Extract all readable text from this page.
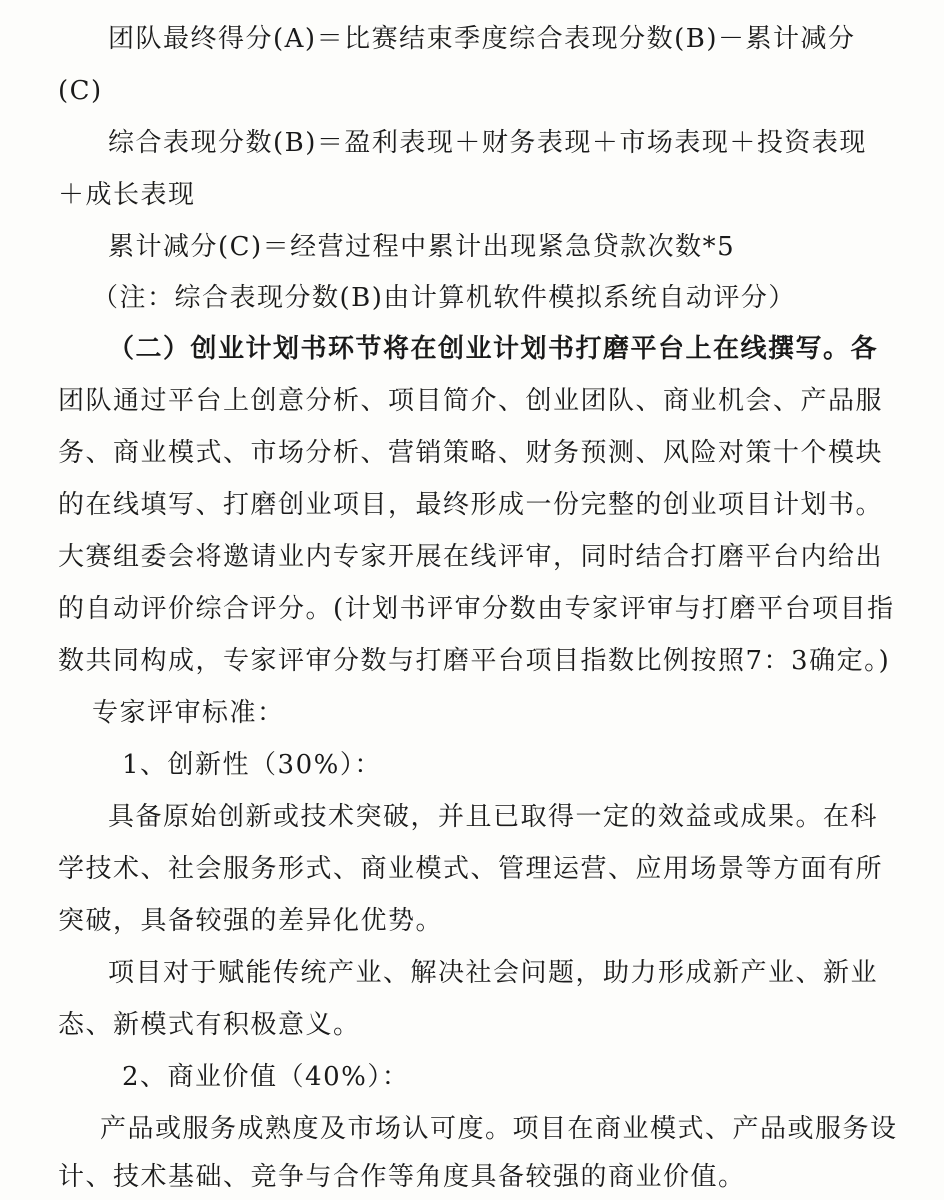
团队最终得分(A)＝比赛结束季度综合表现分数(B)－累计减分
(C)
综合表现分数(B)＝盈利表现＋财务表现＋市场表现＋投资表现
＋成长表现
累计减分(C)＝经营过程中累计出现紧急贷款次数*5
（注：综合表现分数(B)由计算机软件模拟系统自动评分）
（二）创业计划书环节将在创业计划书打磨平台上在线撰写。各
团队通过平台上创意分析、项目简介、创业团队、商业机会、产品服
务、商业模式、市场分析、营销策略、财务预测、风险对策十个模块
的在线填写、打磨创业项目，最终形成一份完整的创业项目计划书。
大赛组委会将邀请业内专家开展在线评审，同时结合打磨平台内给出
的自动评价综合评分。(计划书评审分数由专家评审与打磨平台项目指
数共同构成，专家评审分数与打磨平台项目指数比例按照7：3确定。)
专家评审标准：
1、创新性（30%）：
具备原始创新或技术突破，并且已取得一定的效益或成果。在科
学技术、社会服务形式、商业模式、管理运营、应用场景等方面有所
突破，具备较强的差异化优势。
项目对于赋能传统产业、解决社会问题，助力形成新产业、新业
态、新模式有积极意义。
2、商业价值（40%）：
产品或服务成熟度及市场认可度。项目在商业模式、产品或服务设
计、技术基础、竞争与合作等角度具备较强的商业价值。
